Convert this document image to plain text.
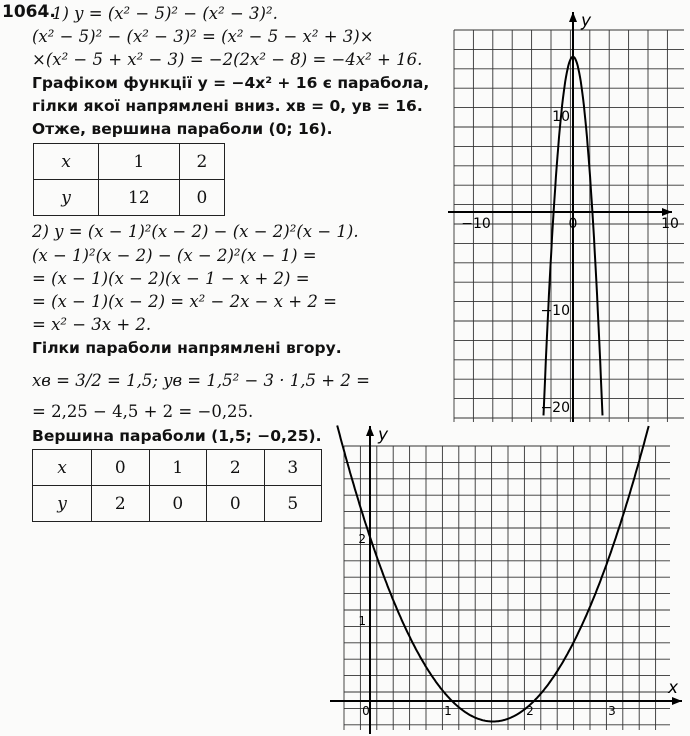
1064.
1) y = (x² − 5)² − (x² − 3)².
(x² − 5)² − (x² − 3)² = (x² − 5 − x² + 3)×
×(x² − 5 + x² − 3) = −2(2x² − 8) = −4x² + 16.
Графіком функції y = −4x² + 16 є парабола,
гілки якої напрямлені вниз. xв = 0, yв = 16.
Отже, вершина параболи (0; 16).
x	1	2
y	12	0
2) y = (x − 1)²(x − 2) − (x − 2)²(x − 1).
(x − 1)²(x − 2) − (x − 2)²(x − 1) =
= (x − 1)(x − 2)(x − 1 − x + 2) =
= (x − 1)(x − 2) = x² − 2x − x + 2 =
= x² − 3x + 2.
Гілки параболи напрямлені вгору.
xв = 3/2 = 1,5; yв = 1,5² − 3 · 1,5 + 2 =
= 2,25 − 4,5 + 2 = −0,25.
Вершина параболи (1,5; −0,25).
x	0	1	2	3
y	2	0	0	5
y
−10	0	10
10
−10
−20
y
x
0	1	2	3
1
2
